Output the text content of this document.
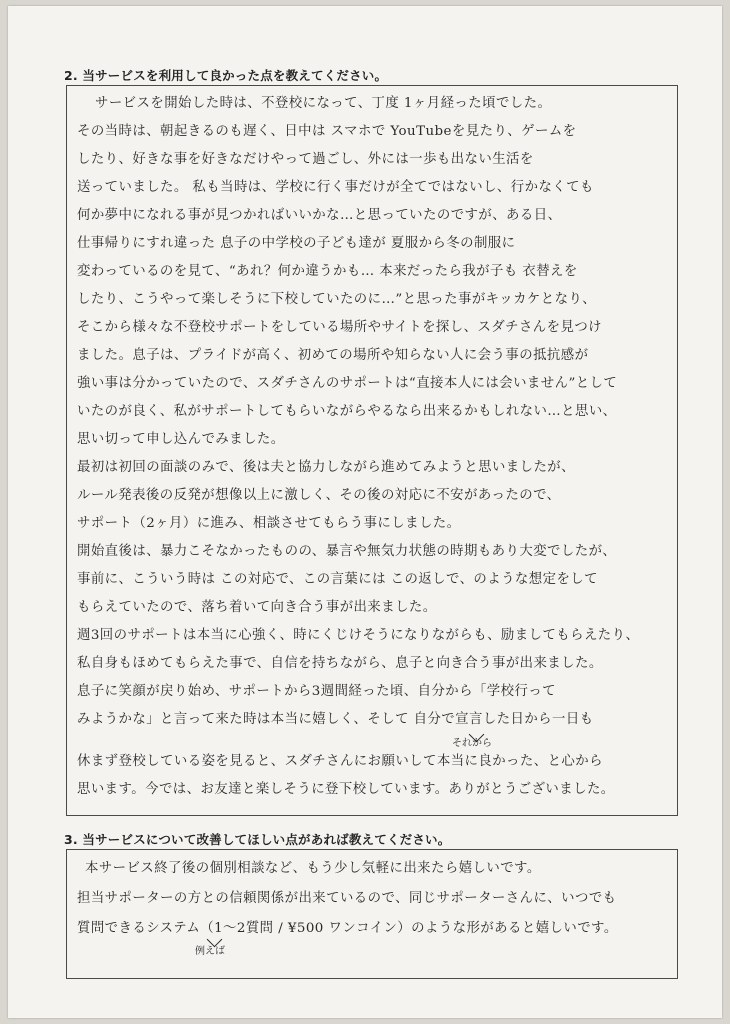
2. 当サービスを利用して良かった点を教えてください。
サービスを開始した時は、不登校になって、丁度 1ヶ月経った頃でした。
その当時は、朝起きるのも遅く、日中は スマホで YouTubeを見たり、ゲームを
したり、好きな事を好きなだけやって過ごし、外には一歩も出ない生活を
送っていました。 私も当時は、学校に行く事だけが全てではないし、行かなくても
何か夢中になれる事が見つかればいいかな…と思っていたのですが、ある日、
仕事帰りにすれ違った 息子の中学校の子ども達が 夏服から冬の制服に
変わっているのを見て、“あれ？何か違うかも… 本来だったら我が子も 衣替えを
したり、こうやって楽しそうに下校していたのに…”と思った事がキッカケとなり、
そこから様々な不登校サポートをしている場所やサイトを探し、スダチさんを見つけ
ました。息子は、プライドが高く、初めての場所や知らない人に会う事の抵抗感が
強い事は分かっていたので、スダチさんのサポートは“直接本人には会いません”として
いたのが良く、私がサポートしてもらいながらやるなら出来るかもしれない…と思い、
思い切って申し込んでみました。
最初は初回の面談のみで、後は夫と協力しながら進めてみようと思いましたが、
ルール発表後の反発が想像以上に激しく、その後の対応に不安があったので、
サポート（2ヶ月）に進み、相談させてもらう事にしました。
開始直後は、暴力こそなかったものの、暴言や無気力状態の時期もあり大変でしたが、
事前に、こういう時は この対応で、この言葉には この返しで、のような想定をして
もらえていたので、落ち着いて向き合う事が出来ました。
週3回のサポートは本当に心強く、時にくじけそうになりながらも、励ましてもらえたり、
私自身もほめてもらえた事で、自信を持ちながら、息子と向き合う事が出来ました。
息子に笑顔が戻り始め、サポートから3週間経った頃、自分から「学校行って
みようかな」と言って来た時は本当に嬉しく、そして 自分で宣言した日から一日も
それから
休まず登校している姿を見ると、スダチさんにお願いして本当に良かった、と心から
思います。今では、お友達と楽しそうに登下校しています。ありがとうございました。
3. 当サービスについて改善してほしい点があれば教えてください。
本サービス終了後の個別相談など、もう少し気軽に出来たら嬉しいです。
担当サポーターの方との信頼関係が出来ているので、同じサポーターさんに、いつでも
質問できるシステム（1〜2質問 / ¥500 ワンコイン）のような形があると嬉しいです。
例えば
